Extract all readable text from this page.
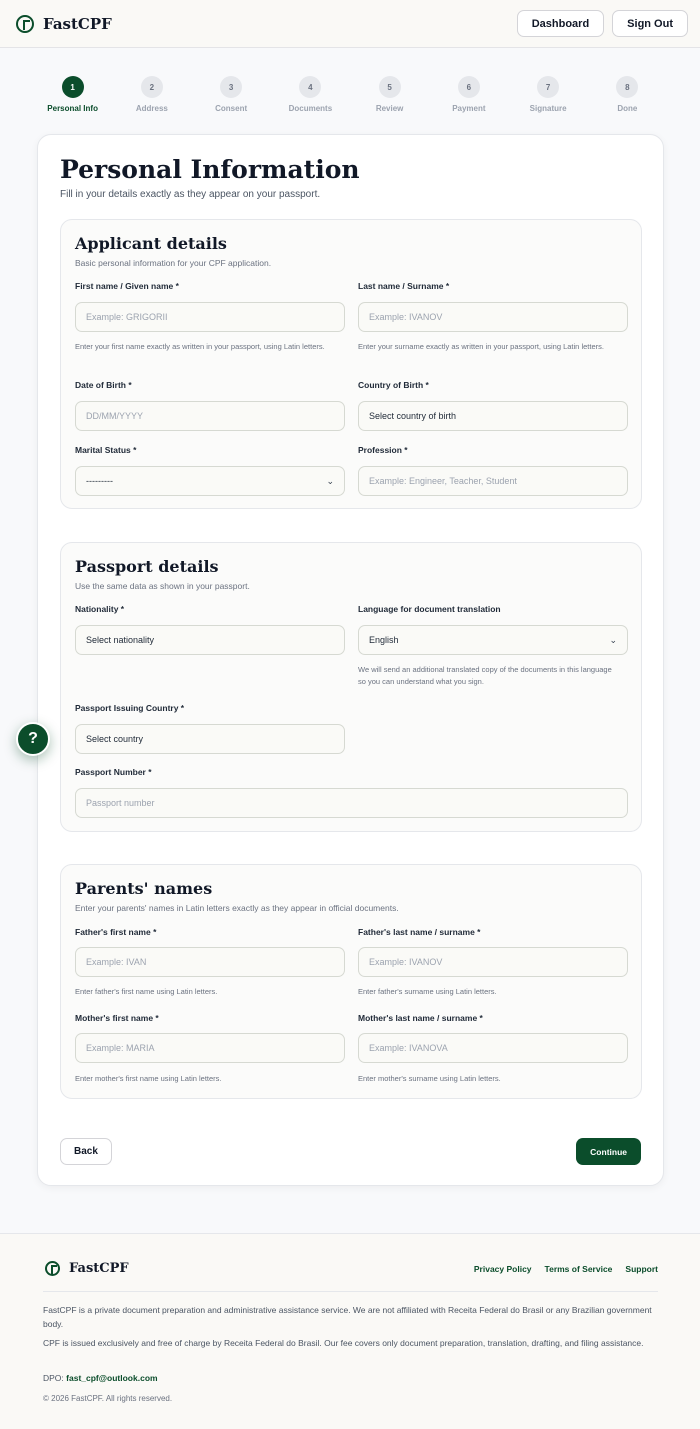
FastCPF	Dashboard	Sign Out
1
Personal Info
2
Address
3
Consent
4
Documents
5
Review
6
Payment
7
Signature
8
Done
Personal Information
Fill in your details exactly as they appear on your passport.
Applicant details
Basic personal information for your CPF application.
First name / Given name *
Example: GRIGORII
Enter your first name exactly as written in your passport, using Latin letters.
Last name / Surname *
Example: IVANOV
Enter your surname exactly as written in your passport, using Latin letters.
Date of Birth *
DD/MM/YYYY
Country of Birth *
Select country of birth
Marital Status *
---------	⌄
Profession *
Example: Engineer, Teacher, Student
Passport details
Use the same data as shown in your passport.
Nationality *
Select nationality
Language for document translation
English	⌄
We will send an additional translated copy of the documents in this language so you can understand what you sign.
Passport Issuing Country *
Select country
Passport Number *
Passport number
Parents' names
Enter your parents' names in Latin letters exactly as they appear in official documents.
Father's first name *
Example: IVAN
Enter father's first name using Latin letters.
Father's last name / surname *
Example: IVANOV
Enter father's surname using Latin letters.
Mother's first name *
Example: MARIA
Enter mother's first name using Latin letters.
Mother's last name / surname *
Example: IVANOVA
Enter mother's surname using Latin letters.
Back	Continue
?
FastCPF	Privacy Policy Terms of Service Support
FastCPF is a private document preparation and administrative assistance service. We are not affiliated with Receita Federal do Brasil or any Brazilian government body.
CPF is issued exclusively and free of charge by Receita Federal do Brasil. Our fee covers only document preparation, translation, drafting, and filing assistance.
DPO: fast_cpf@outlook.com
© 2026 FastCPF. All rights reserved.
